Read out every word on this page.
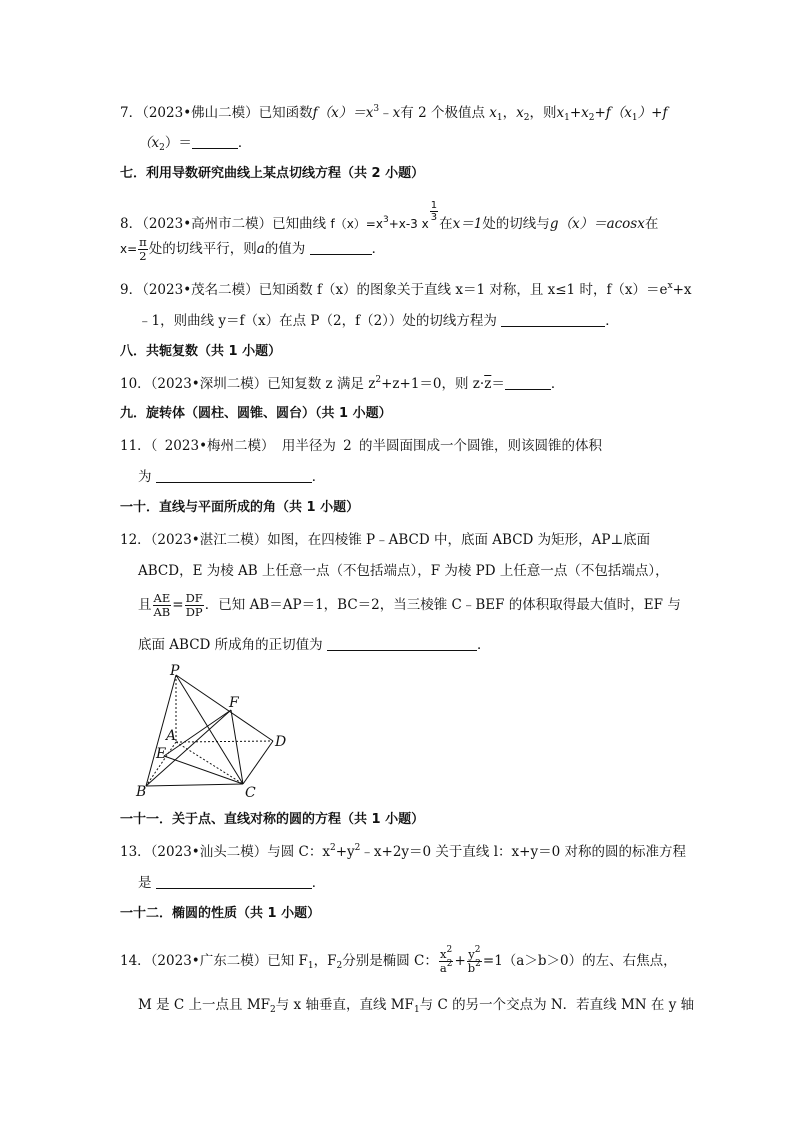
7．（2023•佛山二模）已知函数$f(x)=x^3﹣x$有 2 个极值点 $x_1$，$x_2$，则$x_1+x_2+f(x_1)+f$
$(x_2)=$	．
七．利用导数研究曲线上某点切线方程（共 2 小题）
8．（2023•高州市二模）已知曲线 $f(x)=x^3+x-3$ x
$\frac{1}{3}$
在x＝1处的切线与g（x）＝acosx在
$x= \frac{\pi}{2}$ 处的切线平行，则a的值为	．
9．（2023•茂名二模）已知函数 f（x）的图象关于直线 x＝1 对称，且 x≤1 时，$f(x)=e^x+x$
﹣1，则曲线 y＝f（x）在点 P（2，f（2））处的切线方程为	．
八．共轭复数（共 1 小题）
10．（2023•深圳二模）已知复数 z 满足 $z^2+z+1=0$，则 $z\cdot\overline{z}=$	．
九．旋转体（圆柱、圆锥、圆台）（共 1 小题）
11．（ 2023•梅州二模） 用半径为 2 的半圆面围成一个圆锥，则该圆锥的体积
为	．
一十．直线与平面所成的角（共 1 小题）
12．（2023•湛江二模）如图，在四棱锥 P﹣ABCD 中，底面 ABCD 为矩形，AP⊥底面
ABCD，E 为棱 AB 上任意一点（不包括端点），F 为棱 PD 上任意一点（不包括端点），
且 $\frac{AE}{AB} = \frac{DF}{DP}$ ．已知 AB＝AP＝1，BC＝2，当三棱锥 C﹣BEF 的体积取得最大值时，EF 与
底面 ABCD 所成角的正切值为	．
P
F
A	D
E
B	C
一十一．关于点、直线对称的圆的方程（共 1 小题）
13．（2023•汕头二模）与圆 C：$x^2+y^2﹣x+2y=0$ 关于直线 l：x+y＝0 对称的圆的标准方程
是	．
一十二．椭圆的性质（共 1 小题）
14．（2023•广东二模）已知 $F_1$，$F_2$分别是椭圆 C： $\frac{x^2}{a^2} + \frac{y^2}{b^2} =1(a>b>0)$的左、右焦点，
M 是 C 上一点且 $MF_2$与 x 轴垂直，直线 $MF_1$与 C 的另一个交点为 N．若直线 MN 在 y 轴
